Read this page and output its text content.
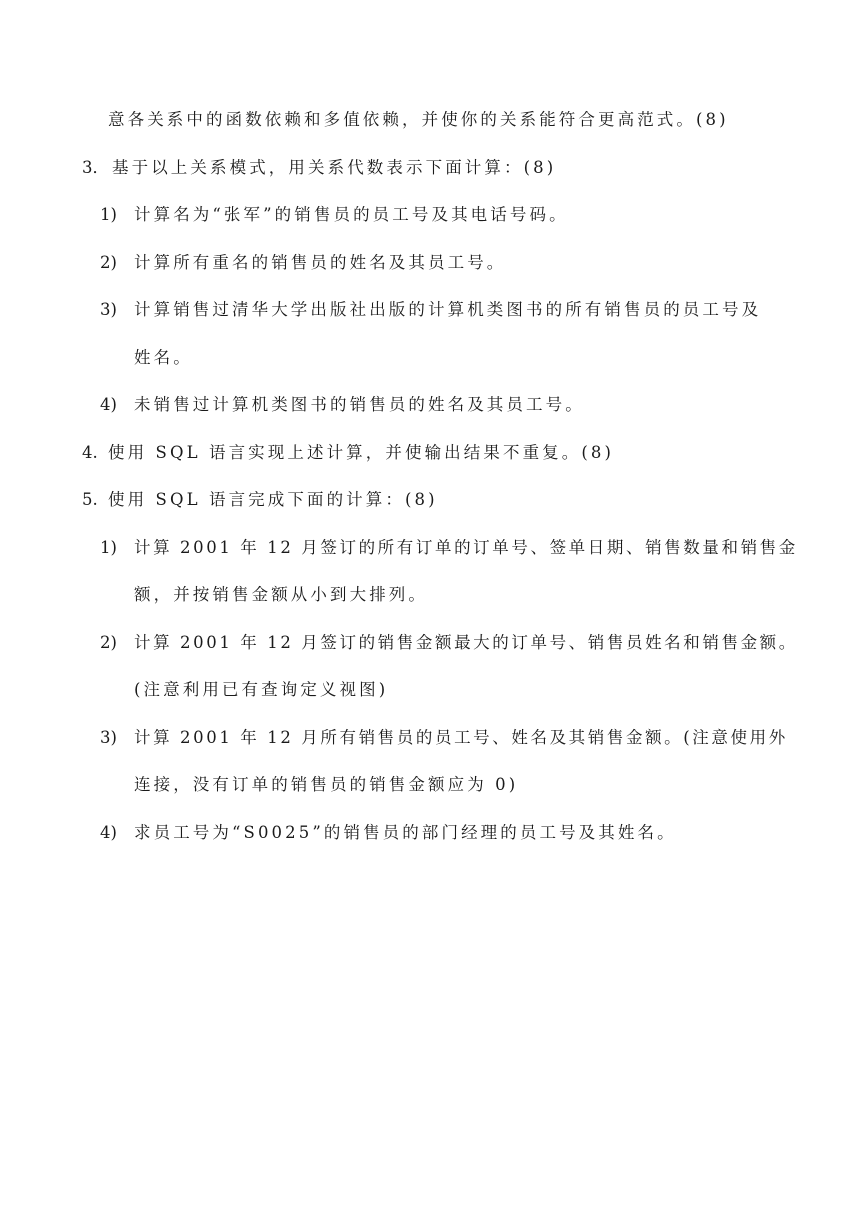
意各关系中的函数依赖和多值依赖，并使你的关系能符合更高范式。(8)
3． 基于以上关系模式，用关系代数表示下面计算：(8)
1) 计算名为“张军”的销售员的员工号及其电话号码。
2) 计算所有重名的销售员的姓名及其员工号。
3) 计算销售过清华大学出版社出版的计算机类图书的所有销售员的员工号及
姓名。
4) 未销售过计算机类图书的销售员的姓名及其员工号。
4. 使用 SQL 语言实现上述计算，并使输出结果不重复。(8)
5. 使用 SQL 语言完成下面的计算：(8)
1) 计算 2001 年 12 月签订的所有订单的订单号、签单日期、销售数量和销售金
额，并按销售金额从小到大排列。
2) 计算 2001 年 12 月签订的销售金额最大的订单号、销售员姓名和销售金额。
(注意利用已有查询定义视图)
3) 计算 2001 年 12 月所有销售员的员工号、姓名及其销售金额。(注意使用外
连接，没有订单的销售员的销售金额应为 0)
4) 求员工号为“S0025”的销售员的部门经理的员工号及其姓名。
